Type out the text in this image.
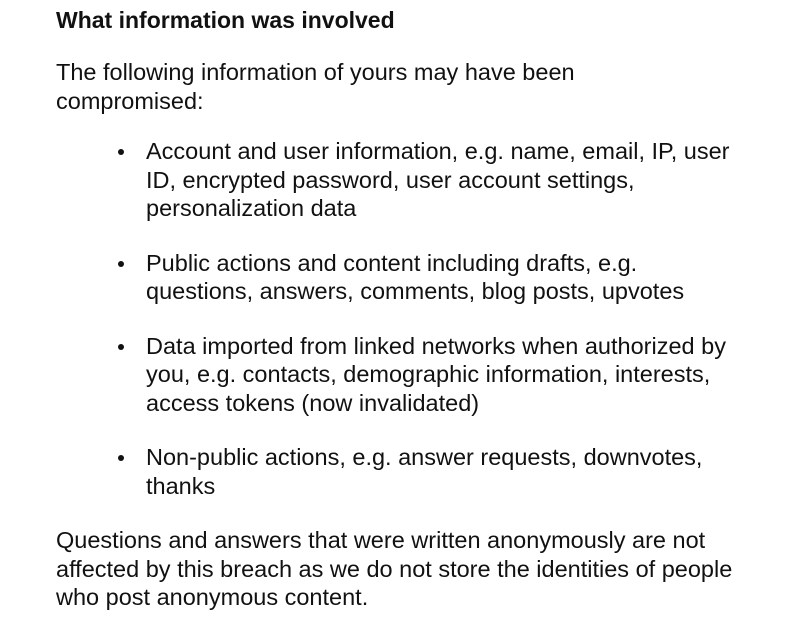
What information was involved

The following information of yours may have been compromised:

Account and user information, e.g. name, email, IP, user ID, encrypted password, user account settings, personalization data
Public actions and content including drafts, e.g. questions, answers, comments, blog posts, upvotes
Data imported from linked networks when authorized by you, e.g. contacts, demographic information, interests, access tokens (now invalidated)
Non-public actions, e.g. answer requests, downvotes, thanks

Questions and answers that were written anonymously are not affected by this breach as we do not store the identities of people who post anonymous content.
